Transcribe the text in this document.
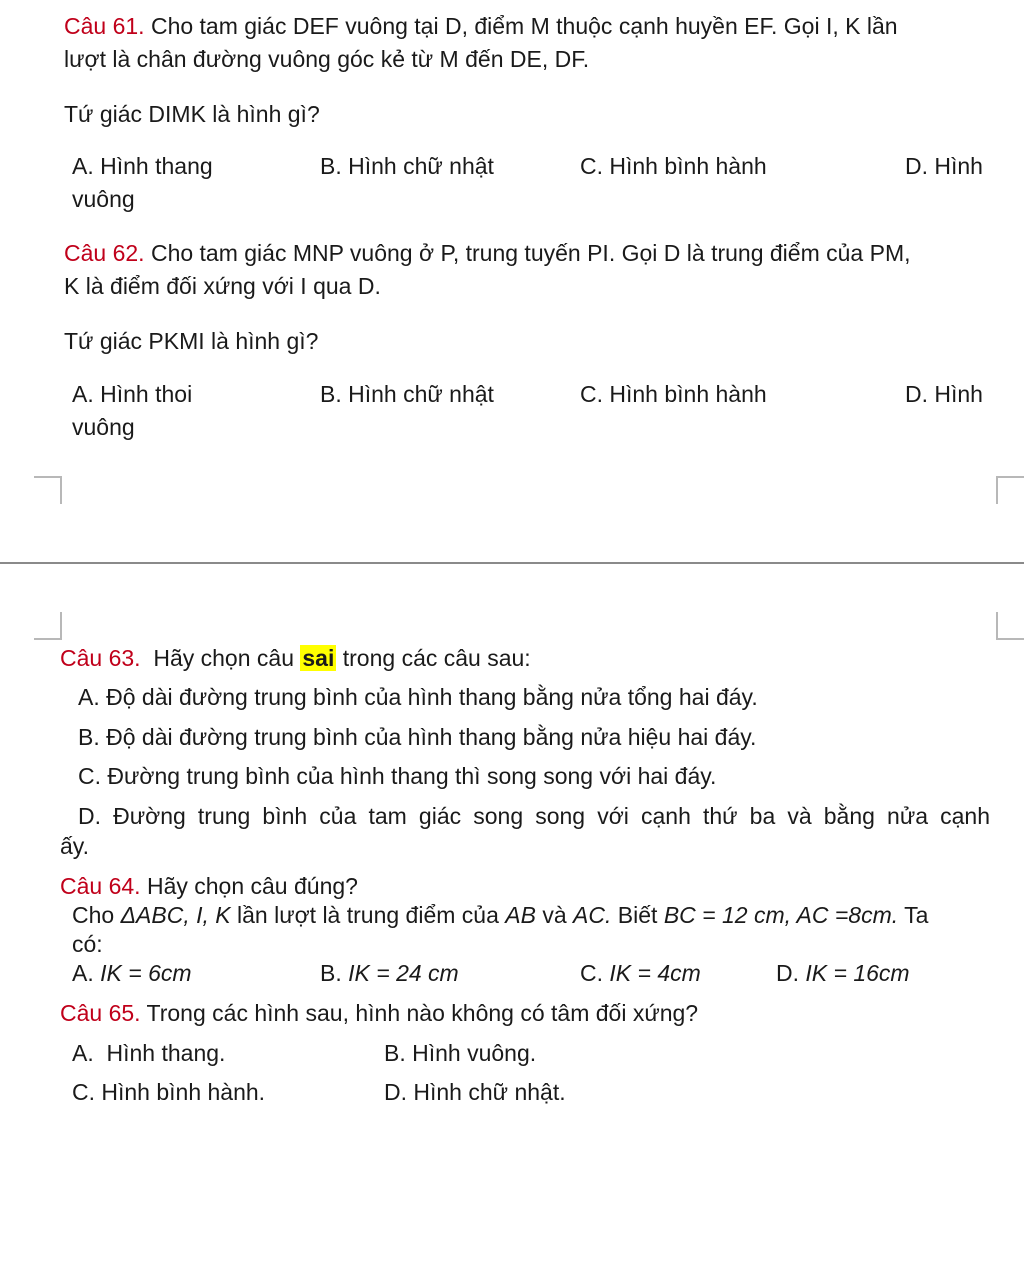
Câu 61. Cho tam giác DEF vuông tại D, điểm M thuộc cạnh huyền EF. Gọi I, K lần
lượt là chân đường vuông góc kẻ từ M đến DE, DF.
Tứ giác DIMK là hình gì?
A. Hình thang	B. Hình chữ nhật	C. Hình bình hành	D. Hình
vuông
Câu 62. Cho tam giác MNP vuông ở P, trung tuyến PI. Gọi D là trung điểm của PM,
K là điểm đối xứng với I qua D.
Tứ giác PKMI là hình gì?
A. Hình thoi	B. Hình chữ nhật	C. Hình bình hành	D. Hình
vuông
Câu 63.  Hãy chọn câu sai trong các câu sau:
A. Độ dài đường trung bình của hình thang bằng nửa tổng hai đáy.
B. Độ dài đường trung bình của hình thang bằng nửa hiệu hai đáy.
C. Đường trung bình của hình thang thì song song với hai đáy.
D. Đường trung bình của tam giác song song với cạnh thứ ba và bằng nửa cạnh
ấy.
Câu 64. Hãy chọn câu đúng?
Cho ΔABC, I, K lần lượt là trung điểm của AB và AC. Biết BC = 12 cm, AC =8cm. Ta
có:
A. IK = 6cm	B. IK = 24 cm	C. IK = 4cm	D. IK = 16cm
Câu 65. Trong các hình sau, hình nào không có tâm đối xứng?
A.  Hình thang.	B. Hình vuông.
C. Hình bình hành.	D. Hình chữ nhật.
